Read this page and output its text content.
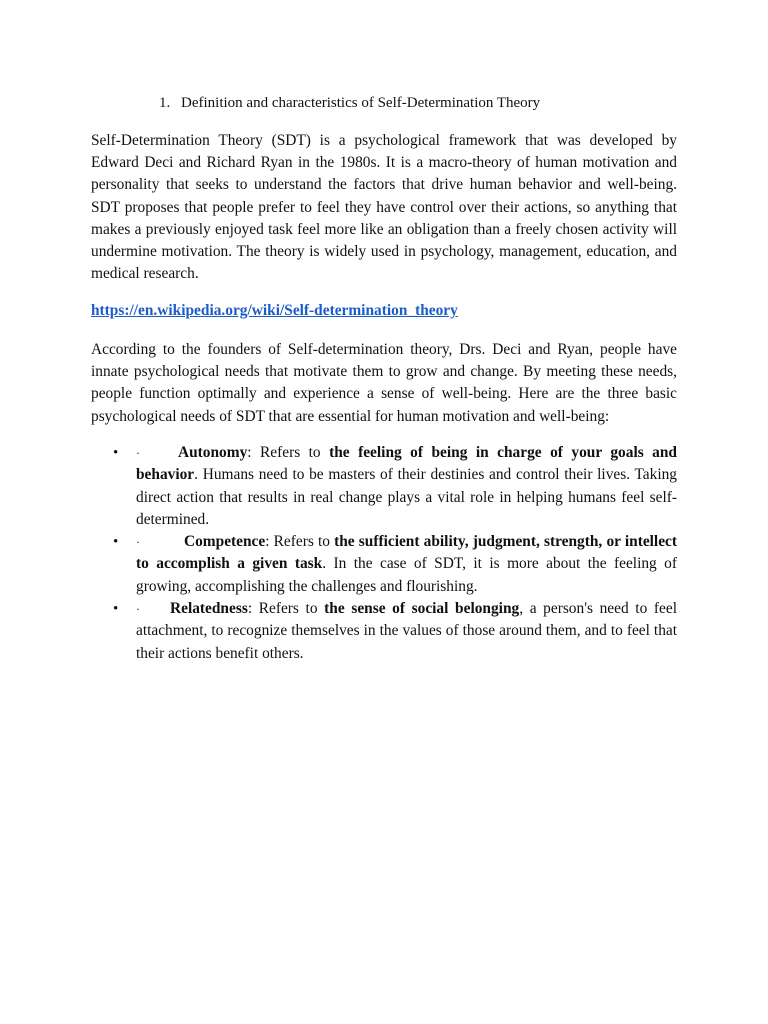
1. Definition and characteristics of Self-Determination Theory

Self-Determination Theory (SDT) is a psychological framework that was developed by Edward Deci and Richard Ryan in the 1980s. It is a macro-theory of human motivation and personality that seeks to understand the factors that drive human behavior and well-being. SDT proposes that people prefer to feel they have control over their actions, so anything that makes a previously enjoyed task feel more like an obligation than a freely chosen activity will undermine motivation. The theory is widely used in psychology, management, education, and medical research.

https://en.wikipedia.org/wiki/Self-determination_theory

According to the founders of Self-determination theory, Drs. Deci and Ryan, people have innate psychological needs that motivate them to grow and change. By meeting these needs, people function optimally and experience a sense of well-being. Here are the three basic psychological needs of SDT that are essential for human motivation and well-being:

• · Autonomy: Refers to the feeling of being in charge of your goals and behavior. Humans need to be masters of their destinies and control their lives. Taking direct action that results in real change plays a vital role in helping humans feel self-determined.
• ·	Competence: Refers to the sufficient ability, judgment, strength, or intellect to accomplish a given task. In the case of SDT, it is more about the feeling of growing, accomplishing the challenges and flourishing.
• · Relatedness: Refers to the sense of social belonging, a person's need to feel attachment, to recognize themselves in the values of those around them, and to feel that their actions benefit others.
